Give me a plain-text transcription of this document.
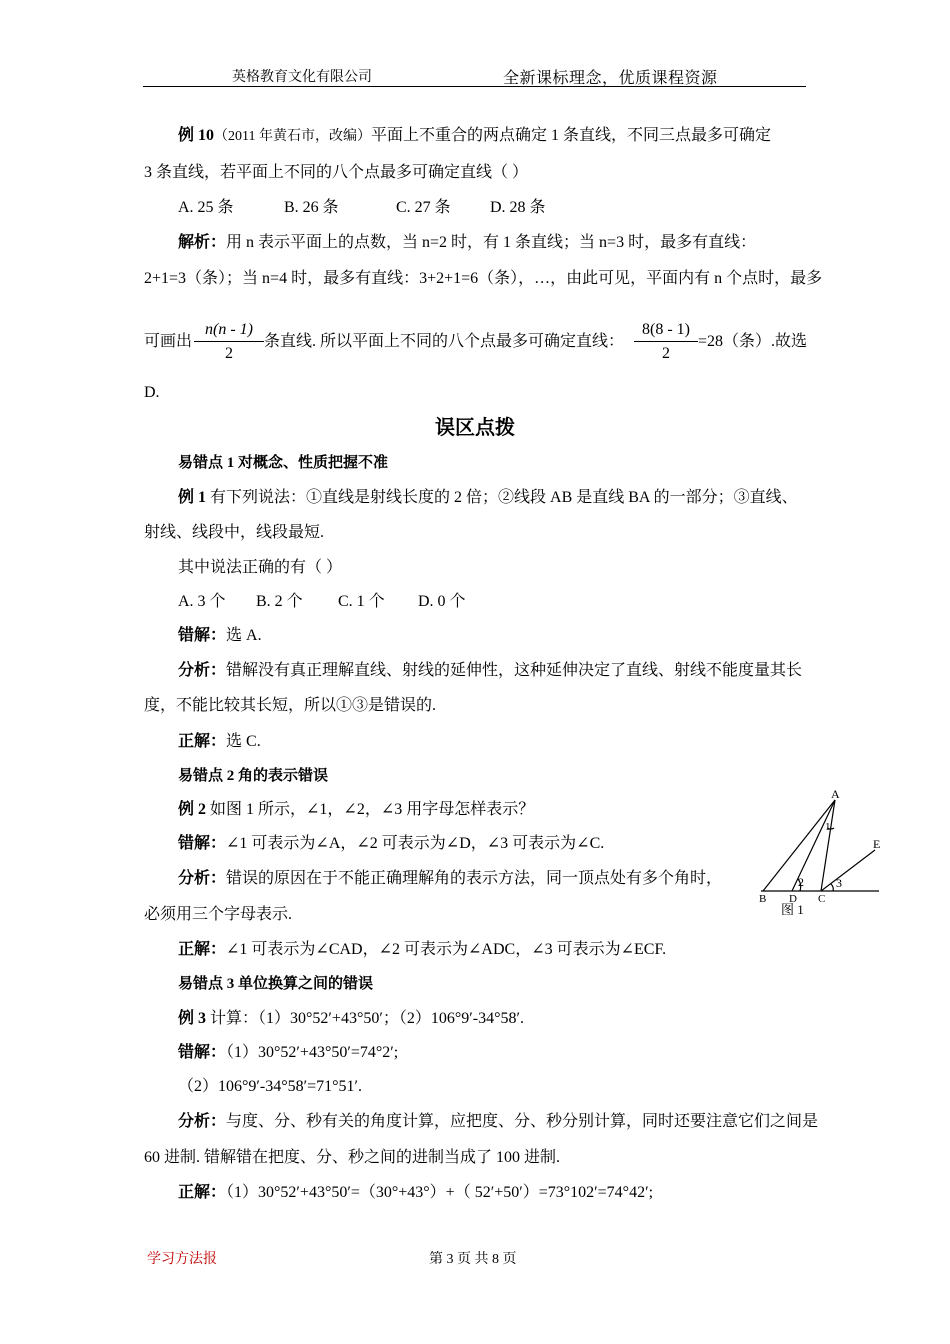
英格教育文化有限公司	全新课标理念，优质课程资源
例 10（2011 年黄石市，改编）平面上不重合的两点确定 1 条直线，不同三点最多可确定
3 条直线，若平面上不同的八个点最多可确定直线（ ）
A. 25 条	B. 26 条	C. 27 条 D. 28 条
解析：用 n 表示平面上的点数，当 n=2 时，有 1 条直线；当 n=3 时，最多有直线：
2+1=3（条）；当 n=4 时，最多有直线：3+2+1=6（条），…，由此可见，平面内有 n 个点时，最多
可画出
n(n - 1)
2
条直线. 所以平面上不同的八个点最多可确定直线：
8(8 - 1)
2
=28（条）.故选
D.
误区点拨
易错点 1 对概念、性质把握不准
例 1 有下列说法：①直线是射线长度的 2 倍；②线段 AB 是直线 BA 的一部分；③直线、
射线、线段中，线段最短.
其中说法正确的有（ ）
A. 3 个 B. 2 个 C. 1 个 D. 0 个
错解：选 A.
分析：错解没有真正理解直线、射线的延伸性，这种延伸决定了直线、射线不能度量其长
度，不能比较其长短，所以①③是错误的.
正解：选 C.
易错点 2 角的表示错误
例 2 如图 1 所示，∠1，∠2，∠3 用字母怎样表示？
错解：∠1 可表示为∠A，∠2 可表示为∠D，∠3 可表示为∠C.
分析：错误的原因在于不能正确理解角的表示方法，同一顶点处有多个角时，
必须用三个字母表示.
正解：∠1 可表示为∠CAD，∠2 可表示为∠ADC，∠3 可表示为∠ECF.
A
E
B D C
1
2	3
图 1
易错点 3 单位换算之间的错误
例 3 计算：（1）30°52′+43°50′；（2）106°9′-34°58′.
错解：（1）30°52′+43°50′=74°2′;
（2）106°9′-34°58′=71°51′.
分析：与度、分、秒有关的角度计算，应把度、分、秒分别计算，同时还要注意它们之间是
60 进制. 错解错在把度、分、秒之间的进制当成了 100 进制.
正解：（1）30°52′+43°50′=（30°+43°）+（ 52′+50′）=73°102′=74°42′;
学习方法报	第 3 页 共 8 页
